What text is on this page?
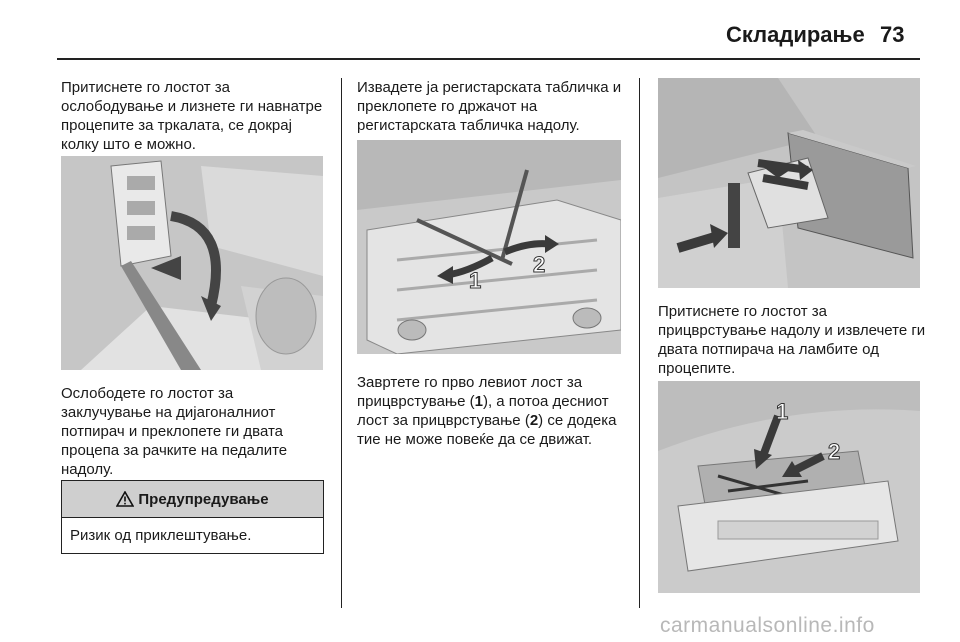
Складирање 73

Притиснете го лостот за ослободување и лизнете ги навнатре процепите за тркалата, се докрај колку што е можно.

Ослободете го лостот за заклучување на дијагоналниот потпирач и преклопете ги двата процепа за рачките на педалите надолу.

Предупредување
Ризик од приклештување.

Извадете ја регистарската табличка и преклопете го држачот на регистарската табличка надолу.

1
2

Завртете го прво левиот лост за прицврстување (1), а потоа десниот лост за прицврстување (2) се додека тие не може повеќе да се движат.

Притиснете го лостот за прицврстување надолу и извлечете ги двата потпирача на ламбите од процепите.

1
2
carmanualsonline.info
